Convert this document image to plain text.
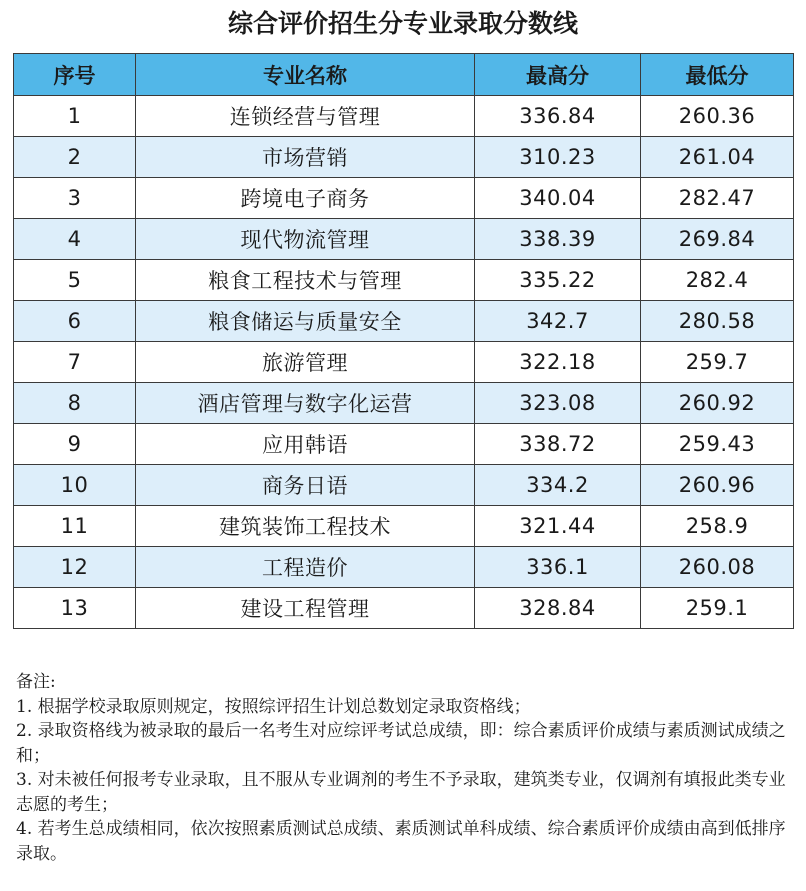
综合评价招生分专业录取分数线
序号	专业名称	最高分	最低分
1	连锁经营与管理	336.84	260.36
2	市场营销	310.23	261.04
3	跨境电子商务	340.04	282.47
4	现代物流管理	338.39	269.84
5	粮食工程技术与管理	335.22	282.4
6	粮食储运与质量安全	342.7	280.58
7	旅游管理	322.18	259.7
8	酒店管理与数字化运营	323.08	260.92
9	应用韩语	338.72	259.43
10	商务日语	334.2	260.96
11	建筑装饰工程技术	321.44	258.9
12	工程造价	336.1	260.08
13	建设工程管理	328.84	259.1

备注:

1. 根据学校录取原则规定，按照综评招生计划总数划定录取资格线；

2. 录取资格线为被录取的最后一名考生对应综评考试总成绩，即：综合素质评价成绩与素质测试成绩之和；

3. 对未被任何报考专业录取，且不服从专业调剂的考生不予录取，建筑类专业，仅调剂有填报此类专业志愿的考生；

4. 若考生总成绩相同，依次按照素质测试总成绩、素质测试单科成绩、综合素质评价成绩由高到低排序录取。
